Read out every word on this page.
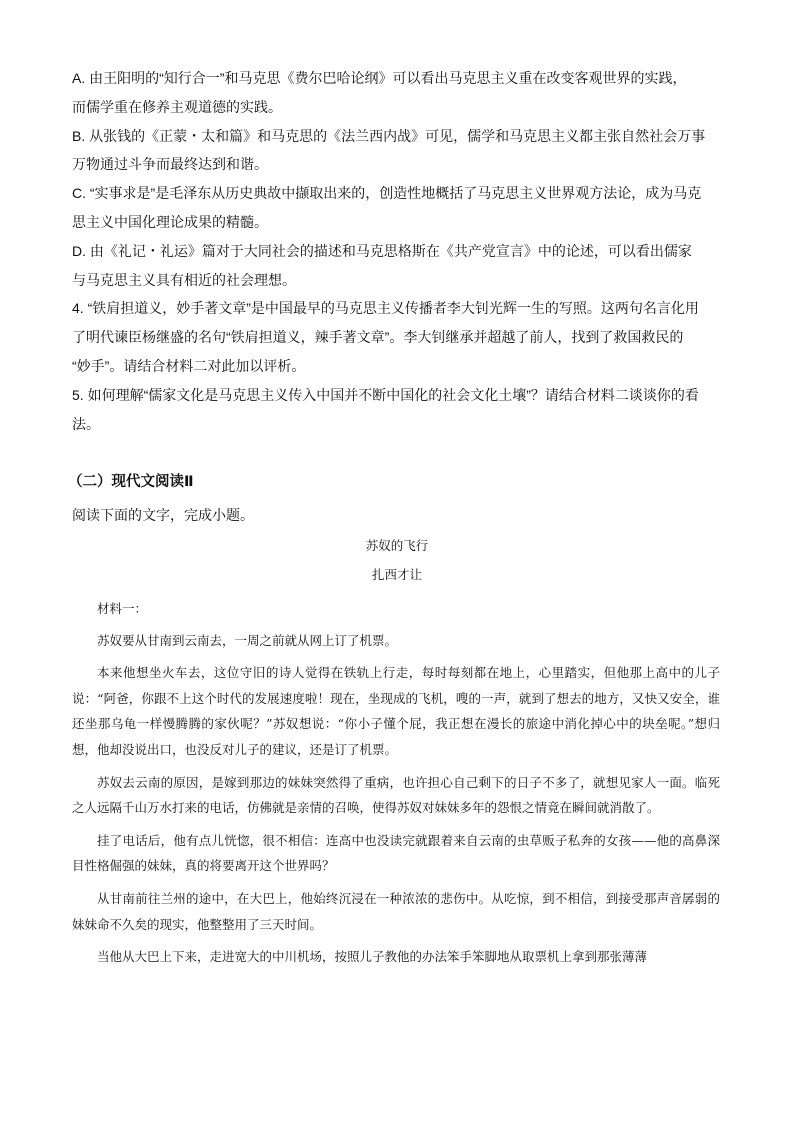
A. 由王阳明的“知行合一”和马克思《费尔巴哈论纲》可以看出马克思主义重在改变客观世界的实践，

而儒学重在修养主观道德的实践。

B. 从张钱的《正蒙・太和篇》和马克思的《法兰西内战》可见，儒学和马克思主义都主张自然社会万事

万物通过斗争而最终达到和谐。

C. “实事求是”是毛泽东从历史典故中撷取出来的，创造性地概括了马克思主义世界观方法论，成为马克

思主义中国化理论成果的精髓。

D. 由《礼记・礼运》篇对于大同社会的描述和马克思格斯在《共产党宣言》中的论述，可以看出儒家

与马克思主义具有相近的社会理想。

4. “铁肩担道义，妙手著文章”是中国最早的马克思主义传播者李大钊光辉一生的写照。这两句名言化用

了明代谏臣杨继盛的名句“铁肩担道义，辣手著文章”。李大钊继承并超越了前人，找到了救国救民的

“妙手”。请结合材料二对此加以评析。

5. 如何理解“儒家文化是马克思主义传入中国并不断中国化的社会文化土壤”？请结合材料二谈谈你的看

法。

（二）现代文阅读Ⅱ
阅读下面的文字，完成小题。
苏奴的飞行
扎西才让

材料一：

苏奴要从甘南到云南去，一周之前就从网上订了机票。

本来他想坐火车去，这位守旧的诗人觉得在铁轨上行走，每时每刻都在地上，心里踏实，但他那上高中的儿子说：“阿爸，你跟不上这个时代的发展速度啦！现在，坐现成的飞机，嗖的一声，就到了想去的地方，又快又安全，谁还坐那乌龟一样慢腾腾的家伙呢？”苏奴想说：“你小子懂个屁，我正想在漫长的旅途中消化掉心中的块垒呢。”想归想，他却没说出口，也没反对儿子的建议，还是订了机票。

苏奴去云南的原因，是嫁到那边的妹妹突然得了重病，也许担心自己剩下的日子不多了，就想见家人一面。临死之人远隔千山万水打来的电话，仿佛就是亲情的召唤，使得苏奴对妹妹多年的怨恨之情竟在瞬间就消散了。

挂了电话后，他有点儿恍惚，很不相信：连高中也没读完就跟着来自云南的虫草贩子私奔的女孩——他的高鼻深目性格倔强的妹妹，真的将要离开这个世界吗？

从甘南前往兰州的途中，在大巴上，他始终沉浸在一种浓浓的悲伤中。从吃惊，到不相信，到接受那声音孱弱的妹妹命不久矣的现实，他整整用了三天时间。

当他从大巴上下来，走进宽大的中川机场，按照儿子教他的办法笨手笨脚地从取票机上拿到那张薄薄
